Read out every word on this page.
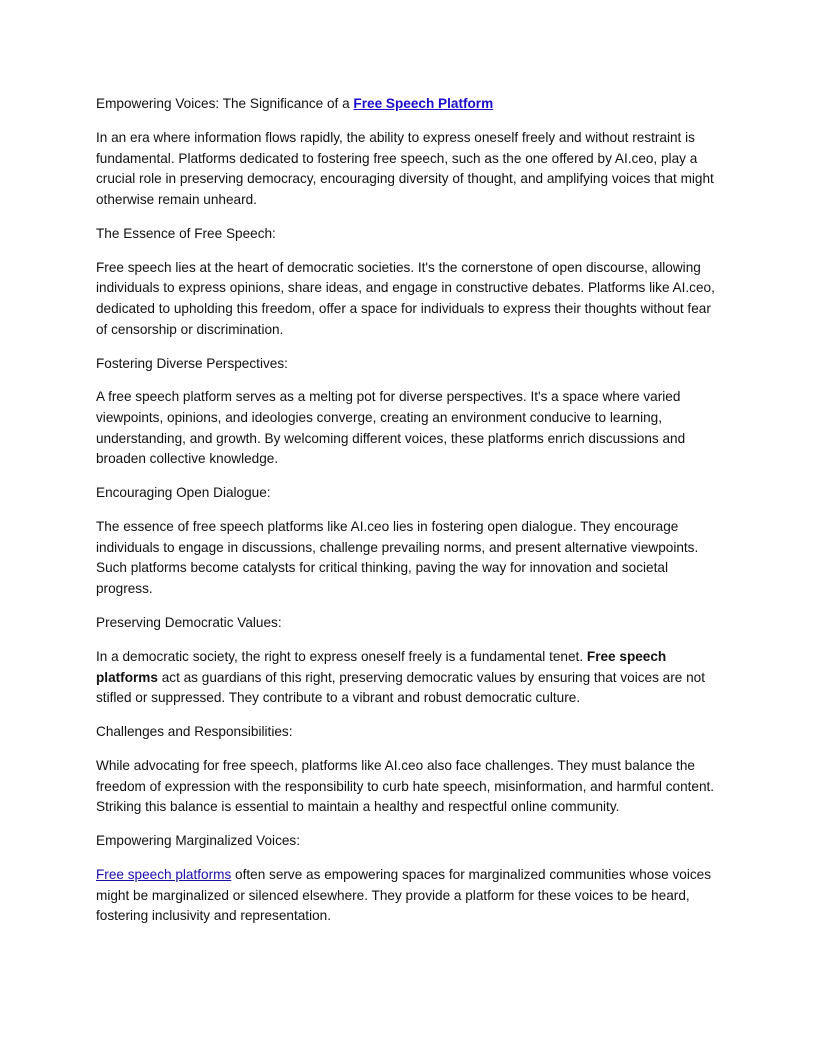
Empowering Voices: The Significance of a Free Speech Platform

In an era where information flows rapidly, the ability to express oneself freely and without restraint is fundamental. Platforms dedicated to fostering free speech, such as the one offered by AI.ceo, play a crucial role in preserving democracy, encouraging diversity of thought, and amplifying voices that might otherwise remain unheard.

The Essence of Free Speech:

Free speech lies at the heart of democratic societies. It's the cornerstone of open discourse, allowing individuals to express opinions, share ideas, and engage in constructive debates. Platforms like AI.ceo, dedicated to upholding this freedom, offer a space for individuals to express their thoughts without fear of censorship or discrimination.

Fostering Diverse Perspectives:

A free speech platform serves as a melting pot for diverse perspectives. It's a space where varied viewpoints, opinions, and ideologies converge, creating an environment conducive to learning, understanding, and growth. By welcoming different voices, these platforms enrich discussions and broaden collective knowledge.

Encouraging Open Dialogue:

The essence of free speech platforms like AI.ceo lies in fostering open dialogue. They encourage individuals to engage in discussions, challenge prevailing norms, and present alternative viewpoints. Such platforms become catalysts for critical thinking, paving the way for innovation and societal progress.

Preserving Democratic Values:

In a democratic society, the right to express oneself freely is a fundamental tenet. Free speech platforms act as guardians of this right, preserving democratic values by ensuring that voices are not stifled or suppressed. They contribute to a vibrant and robust democratic culture.

Challenges and Responsibilities:

While advocating for free speech, platforms like AI.ceo also face challenges. They must balance the freedom of expression with the responsibility to curb hate speech, misinformation, and harmful content. Striking this balance is essential to maintain a healthy and respectful online community.

Empowering Marginalized Voices:

Free speech platforms often serve as empowering spaces for marginalized communities whose voices might be marginalized or silenced elsewhere. They provide a platform for these voices to be heard, fostering inclusivity and representation.
